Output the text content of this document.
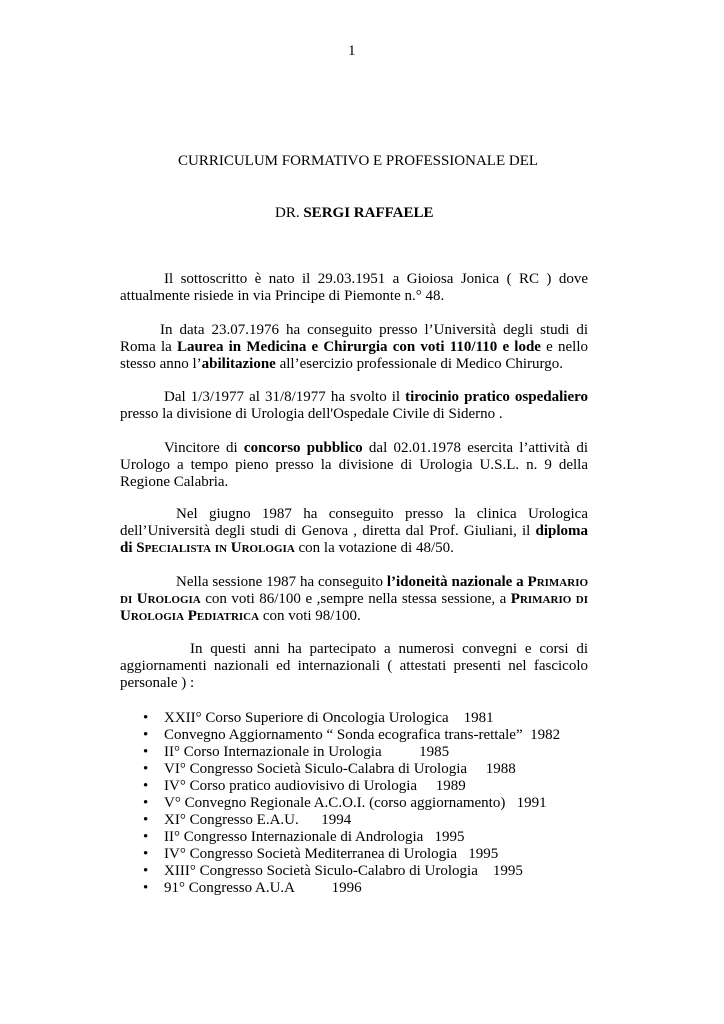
1
CURRICULUM FORMATIVO E PROFESSIONALE DEL
DR. SERGI RAFFAELE

Il sottoscritto è nato il 29.03.1951 a Gioiosa Jonica ( RC ) dove attualmente risiede in via Principe di Piemonte n.° 48.

In data 23.07.1976 ha conseguito presso l’Università degli studi di Roma la Laurea in Medicina e Chirurgia con voti 110/110 e lode e nello stesso anno l’abilitazione all’esercizio professionale di Medico Chirurgo.

Dal 1/3/1977 al 31/8/1977 ha svolto il tirocinio pratico ospedaliero presso la divisione di Urologia dell'Ospedale Civile di Siderno .

Vincitore di concorso pubblico dal 02.01.1978 esercita l’attività di Urologo a tempo pieno presso la divisione di Urologia U.S.L. n. 9 della Regione Calabria.

Nel giugno 1987 ha conseguito presso la clinica Urologica dell’Università degli studi di Genova , diretta dal Prof. Giuliani, il diploma di Specialista in Urologia con la votazione di 48/50.

Nella sessione 1987 ha conseguito l’idoneità nazionale a Primario di Urologia con voti 86/100 e ,sempre nella stessa sessione, a Primario di Urologia Pediatrica con voti 98/100.

In questi anni ha partecipato a numerosi convegni e corsi di aggiornamenti nazionali ed internazionali ( attestati presenti nel fascicolo personale ) :

• XXII° Corso Superiore di Oncologia Urologica    1981
• Convegno Aggiornamento “ Sonda ecografica trans-rettale”  1982
• II° Corso Internazionale in Urologia          1985
• VI° Congresso Società Siculo-Calabra di Urologia     1988
• IV° Corso pratico audiovisivo di Urologia     1989
• V° Convegno Regionale A.C.O.I. (corso aggiornamento)   1991
• XI° Congresso E.A.U.      1994
• II° Congresso Internazionale di Andrologia   1995
• IV° Congresso Società Mediterranea di Urologia   1995
• XIII° Congresso Società Siculo-Calabro di Urologia    1995
• 91° Congresso A.U.A          1996
